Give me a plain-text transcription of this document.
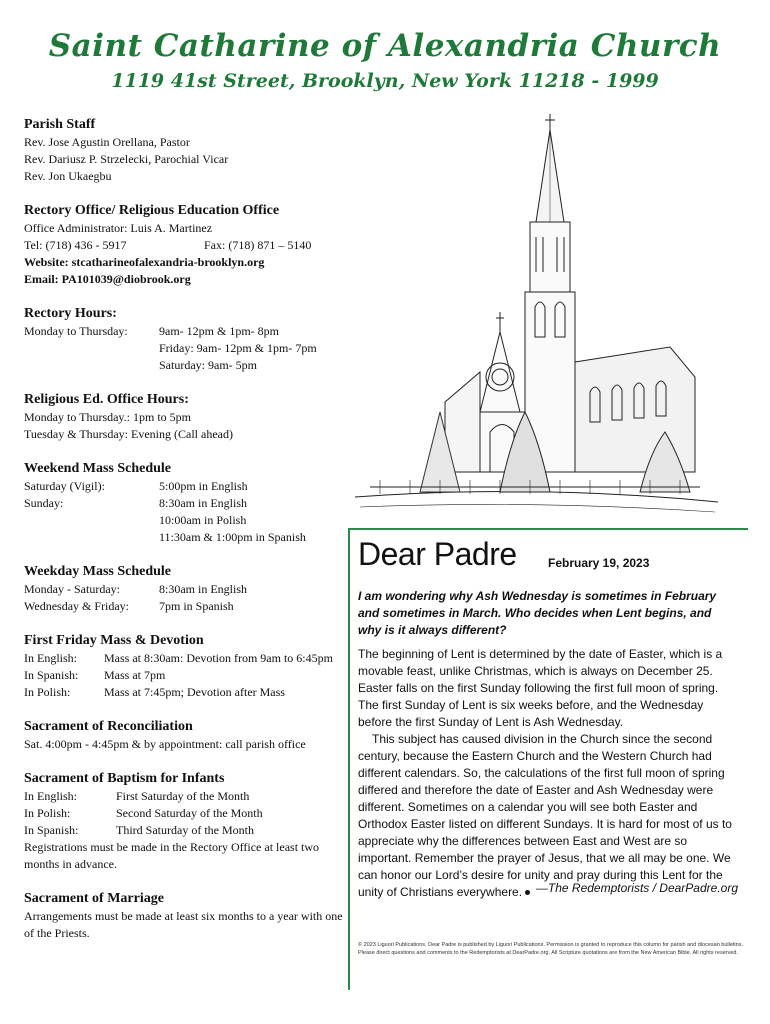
Saint Catharine of Alexandria Church
1119 41st Street, Brooklyn, New York 11218 - 1999
Parish Staff
Rev. Jose Agustin Orellana, Pastor
Rev. Dariusz P. Strzelecki, Parochial Vicar
Rev. Jon Ukaegbu
Rectory Office/ Religious Education Office
Office Administrator: Luis A. Martinez
Tel: (718) 436 - 5917	Fax: (718) 871 – 5140
Website: stcatharineofalexandria-brooklyn.org
Email: PA101039@diobrook.org
Rectory Hours:
Monday to Thursday:	9am- 12pm & 1pm- 8pm
Friday: 9am- 12pm & 1pm- 7pm
Saturday: 9am- 5pm
Religious Ed. Office Hours:
Monday to Thursday.: 1pm to 5pm
Tuesday & Thursday: Evening (Call ahead)
Weekend Mass Schedule
Saturday (Vigil):	5:00pm in English
Sunday:	8:30am in English
10:00am in Polish
11:30am & 1:00pm in Spanish
Weekday Mass Schedule
Monday - Saturday:	8:30am in English
Wednesday & Friday:	7pm in Spanish
First Friday Mass & Devotion
In English:	Mass at 8:30am: Devotion from 9am to 6:45pm
In Spanish:	Mass at 7pm
In Polish:	Mass at 7:45pm; Devotion after Mass
Sacrament of Reconciliation
Sat. 4:00pm - 4:45pm & by appointment: call parish office
Sacrament of Baptism for Infants
In English:	First Saturday of the Month
In Polish:	Second Saturday of the Month
In Spanish:	Third Saturday of the Month
Registrations must be made in the Rectory Office at least two months in advance.
Sacrament of Marriage
Arrangements must be made at least six months to a year with one of the Priests.
Dear Padre	February 19, 2023
I am wondering why Ash Wednesday is sometimes in February and sometimes in March. Who decides when Lent begins, and why is it always different?

The beginning of Lent is determined by the date of Easter, which is a movable feast, unlike Christmas, which is always on December 25. Easter falls on the first Sunday following the first full moon of spring. The first Sunday of Lent is six weeks before, and the Wednesday before the first Sunday of Lent is Ash Wednesday.

This subject has caused division in the Church since the second century, because the Eastern Church and the Western Church had different calendars. So, the calculations of the first full moon of spring differed and therefore the date of Easter and Ash Wednesday were different. Sometimes on a calendar you will see both Easter and Orthodox Easter listed on different Sundays. It is hard for most of us to appreciate why the differences between East and West are so important. Remember the prayer of Jesus, that we all may be one. We can honor our Lord’s desire for unity and pray during this Lent for the unity of Christians everywhere.	—The Redemptorists / DearPadre.org
© 2023 Liguori Publications. Dear Padre is published by Liguori Publications. Permission is granted to reproduce this column for parish and diocesan bulletins. Please direct questions and comments to the Redemptorists at DearPadre.org. All Scripture quotations are from the New American Bible. All rights reserved.
